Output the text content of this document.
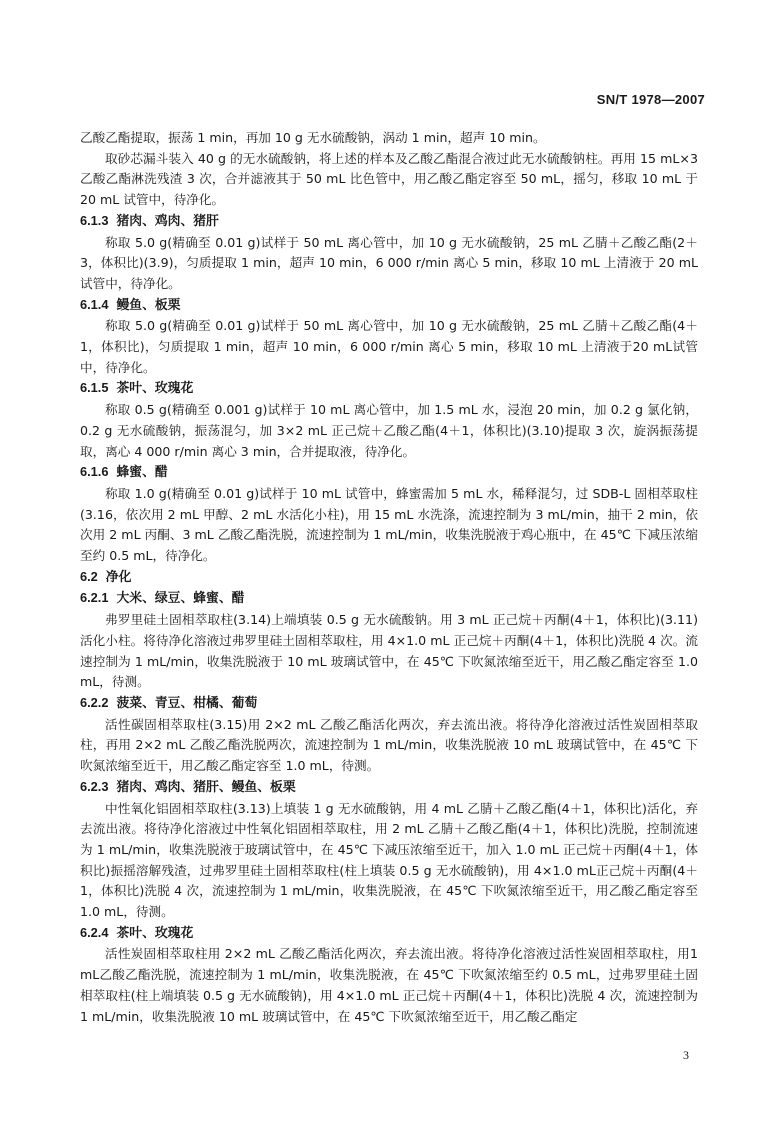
SN/T 1978—2007

乙酸乙酯提取，振荡 1 min，再加 10 g 无水硫酸钠，涡动 1 min，超声 10 min。

取砂芯漏斗装入 40 g 的无水硫酸钠，将上述的样本及乙酸乙酯混合液过此无水硫酸钠柱。再用 15 mL×3 乙酸乙酯淋洗残渣 3 次，合并滤液其于 50 mL 比色管中，用乙酸乙酯定容至 50 mL，摇匀，移取 10 mL 于 20 mL 试管中，待净化。

6.1.3 猪肉、鸡肉、猪肝

称取 5.0 g(精确至 0.01 g)试样于 50 mL 离心管中，加 10 g 无水硫酸钠，25 mL 乙腈＋乙酸乙酯(2＋3，体积比)(3.9)，匀质提取 1 min，超声 10 min，6 000 r/min 离心 5 min，移取 10 mL 上清液于 20 mL试管中，待净化。

6.1.4 鳗鱼、板栗

称取 5.0 g(精确至 0.01 g)试样于 50 mL 离心管中，加 10 g 无水硫酸钠，25 mL 乙腈＋乙酸乙酯(4＋1，体积比)，匀质提取 1 min，超声 10 min，6 000 r/min 离心 5 min，移取 10 mL 上清液于20 mL试管中，待净化。

6.1.5 茶叶、玫瑰花

称取 0.5 g(精确至 0.001 g)试样于 10 mL 离心管中，加 1.5 mL 水，浸泡 20 min，加 0.2 g 氯化钠，0.2 g 无水硫酸钠，振荡混匀，加 3×2 mL 正己烷＋乙酸乙酯(4＋1，体积比)(3.10)提取 3 次，旋涡振荡提取，离心 4 000 r/min 离心 3 min，合并提取液，待净化。

6.1.6 蜂蜜、醋

称取 1.0 g(精确至 0.01 g)试样于 10 mL 试管中，蜂蜜需加 5 mL 水，稀释混匀，过 SDB-L 固相萃取柱(3.16，依次用 2 mL 甲醇、2 mL 水活化小柱)，用 15 mL 水洗涤，流速控制为 3 mL/min，抽干 2 min，依次用 2 mL 丙酮、3 mL 乙酸乙酯洗脱，流速控制为 1 mL/min，收集洗脱液于鸡心瓶中，在 45℃ 下减压浓缩至约 0.5 mL，待净化。

6.2 净化
6.2.1 大米、绿豆、蜂蜜、醋

弗罗里硅土固相萃取柱(3.14)上端填装 0.5 g 无水硫酸钠。用 3 mL 正己烷＋丙酮(4＋1，体积比)(3.11)活化小柱。将待净化溶液过弗罗里硅土固相萃取柱，用 4×1.0 mL 正己烷＋丙酮(4＋1，体积比)洗脱 4 次。流速控制为 1 mL/min，收集洗脱液于 10 mL 玻璃试管中，在 45℃ 下吹氮浓缩至近干，用乙酸乙酯定容至 1.0 mL，待测。

6.2.2 菠菜、青豆、柑橘、葡萄

活性碳固相萃取柱(3.15)用 2×2 mL 乙酸乙酯活化两次，弃去流出液。将待净化溶液过活性炭固相萃取柱，再用 2×2 mL 乙酸乙酯洗脱两次，流速控制为 1 mL/min，收集洗脱液 10 mL 玻璃试管中，在 45℃ 下吹氮浓缩至近干，用乙酸乙酯定容至 1.0 mL，待测。

6.2.3 猪肉、鸡肉、猪肝、鳗鱼、板栗

中性氧化铝固相萃取柱(3.13)上填装 1 g 无水硫酸钠，用 4 mL 乙腈＋乙酸乙酯(4＋1，体积比)活化，弃去流出液。将待净化溶液过中性氧化铝固相萃取柱，用 2 mL 乙腈＋乙酸乙酯(4＋1，体积比)洗脱，控制流速为 1 mL/min，收集洗脱液于玻璃试管中，在 45℃ 下减压浓缩至近干，加入 1.0 mL 正己烷＋丙酮(4＋1，体积比)振摇溶解残渣，过弗罗里硅土固相萃取柱(柱上填装 0.5 g 无水硫酸钠)，用 4×1.0 mL正己烷＋丙酮(4＋1，体积比)洗脱 4 次，流速控制为 1 mL/min，收集洗脱液，在 45℃ 下吹氮浓缩至近干，用乙酸乙酯定容至 1.0 mL，待测。

6.2.4 茶叶、玫瑰花

活性炭固相萃取柱用 2×2 mL 乙酸乙酯活化两次，弃去流出液。将待净化溶液过活性炭固相萃取柱，用1 mL乙酸乙酯洗脱，流速控制为 1 mL/min，收集洗脱液，在 45℃ 下吹氮浓缩至约 0.5 mL，过弗罗里硅土固相萃取柱(柱上端填装 0.5 g 无水硫酸钠)，用 4×1.0 mL 正己烷＋丙酮(4＋1，体积比)洗脱 4 次，流速控制为 1 mL/min，收集洗脱液 10 mL 玻璃试管中，在 45℃ 下吹氮浓缩至近干，用乙酸乙酯定

3
